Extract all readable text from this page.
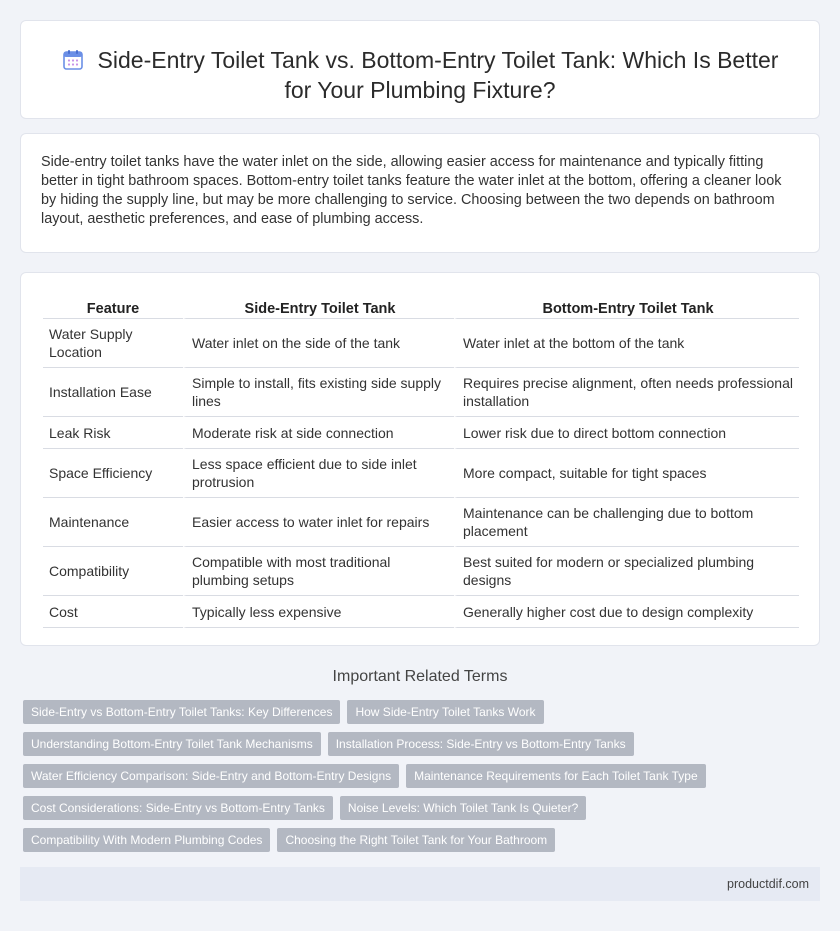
Side-Entry Toilet Tank vs. Bottom-Entry Toilet Tank: Which Is Better for Your Plumbing Fixture?

Side-entry toilet tanks have the water inlet on the side, allowing easier access for maintenance and typically fitting better in tight bathroom spaces. Bottom-entry toilet tanks feature the water inlet at the bottom, offering a cleaner look by hiding the supply line, but may be more challenging to service. Choosing between the two depends on bathroom layout, aesthetic preferences, and ease of plumbing access.

Feature	Side-Entry Toilet Tank	Bottom-Entry Toilet Tank
Water Supply Location	Water inlet on the side of the tank	Water inlet at the bottom of the tank
Installation Ease	Simple to install, fits existing side supply lines	Requires precise alignment, often needs professional installation
Leak Risk	Moderate risk at side connection	Lower risk due to direct bottom connection
Space Efficiency	Less space efficient due to side inlet protrusion	More compact, suitable for tight spaces
Maintenance	Easier access to water inlet for repairs	Maintenance can be challenging due to bottom placement
Compatibility	Compatible with most traditional plumbing setups	Best suited for modern or specialized plumbing designs
Cost	Typically less expensive	Generally higher cost due to design complexity
Important Related Terms
Side-Entry vs Bottom-Entry Toilet Tanks: Key Differences	How Side-Entry Toilet Tanks Work
Understanding Bottom-Entry Toilet Tank Mechanisms	Installation Process: Side-Entry vs Bottom-Entry Tanks
Water Efficiency Comparison: Side-Entry and Bottom-Entry Designs	Maintenance Requirements for Each Toilet Tank Type
Cost Considerations: Side-Entry vs Bottom-Entry Tanks	Noise Levels: Which Toilet Tank Is Quieter?
Compatibility With Modern Plumbing Codes	Choosing the Right Toilet Tank for Your Bathroom
productdif.com
